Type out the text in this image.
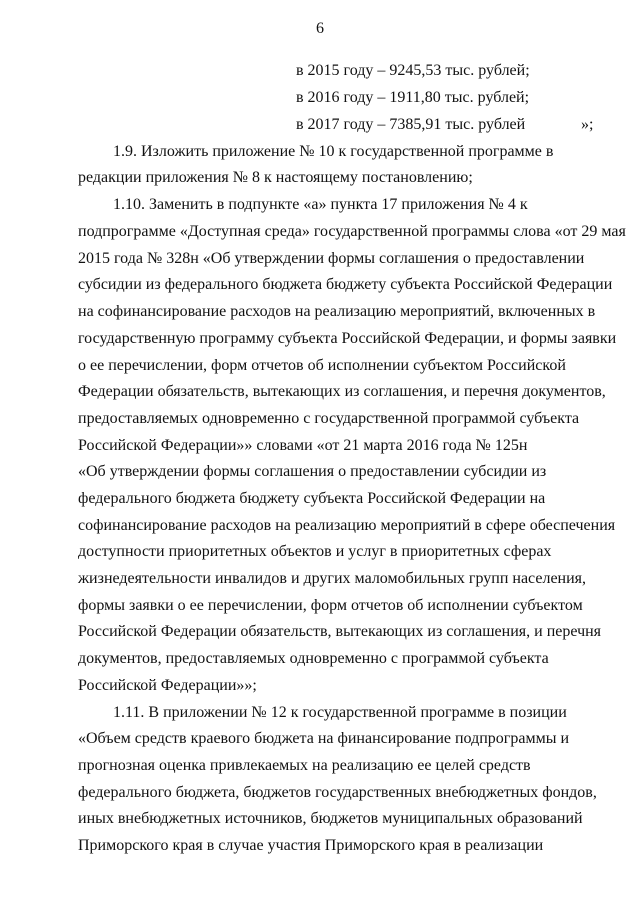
6
в 2015 году – 9245,53 тыс. рублей;
в 2016 году – 1911,80 тыс. рублей;
в 2017 году – 7385,91 тыс. рублей	»;
1.9. Изложить приложение № 10 к государственной программе в
редакции приложения № 8 к настоящему постановлению;
1.10. Заменить в подпункте «а» пункта 17 приложения № 4 к
подпрограмме «Доступная среда» государственной программы слова «от 29 мая
2015 года № 328н «Об утверждении формы соглашения о предоставлении
субсидии из федерального бюджета бюджету субъекта Российской Федерации
на софинансирование расходов на реализацию мероприятий, включенных в
государственную программу субъекта Российской Федерации, и формы заявки
о ее перечислении, форм отчетов об исполнении субъектом Российской
Федерации обязательств, вытекающих из соглашения, и перечня документов,
предоставляемых одновременно с государственной программой субъекта
Российской Федерации»» словами «от 21 марта 2016 года № 125н
«Об утверждении формы соглашения о предоставлении субсидии из
федерального бюджета бюджету субъекта Российской Федерации на
софинансирование расходов на реализацию мероприятий в сфере обеспечения
доступности приоритетных объектов и услуг в приоритетных сферах
жизнедеятельности инвалидов и других маломобильных групп населения,
формы заявки о ее перечислении, форм отчетов об исполнении субъектом
Российской Федерации обязательств, вытекающих из соглашения, и перечня
документов, предоставляемых одновременно с программой субъекта
Российской Федерации»»;
1.11. В приложении № 12 к государственной программе в позиции
«Объем средств краевого бюджета на финансирование подпрограммы и
прогнозная оценка привлекаемых на реализацию ее целей средств
федерального бюджета, бюджетов государственных внебюджетных фондов,
иных внебюджетных источников, бюджетов муниципальных образований
Приморского края в случае участия Приморского края в реализации
